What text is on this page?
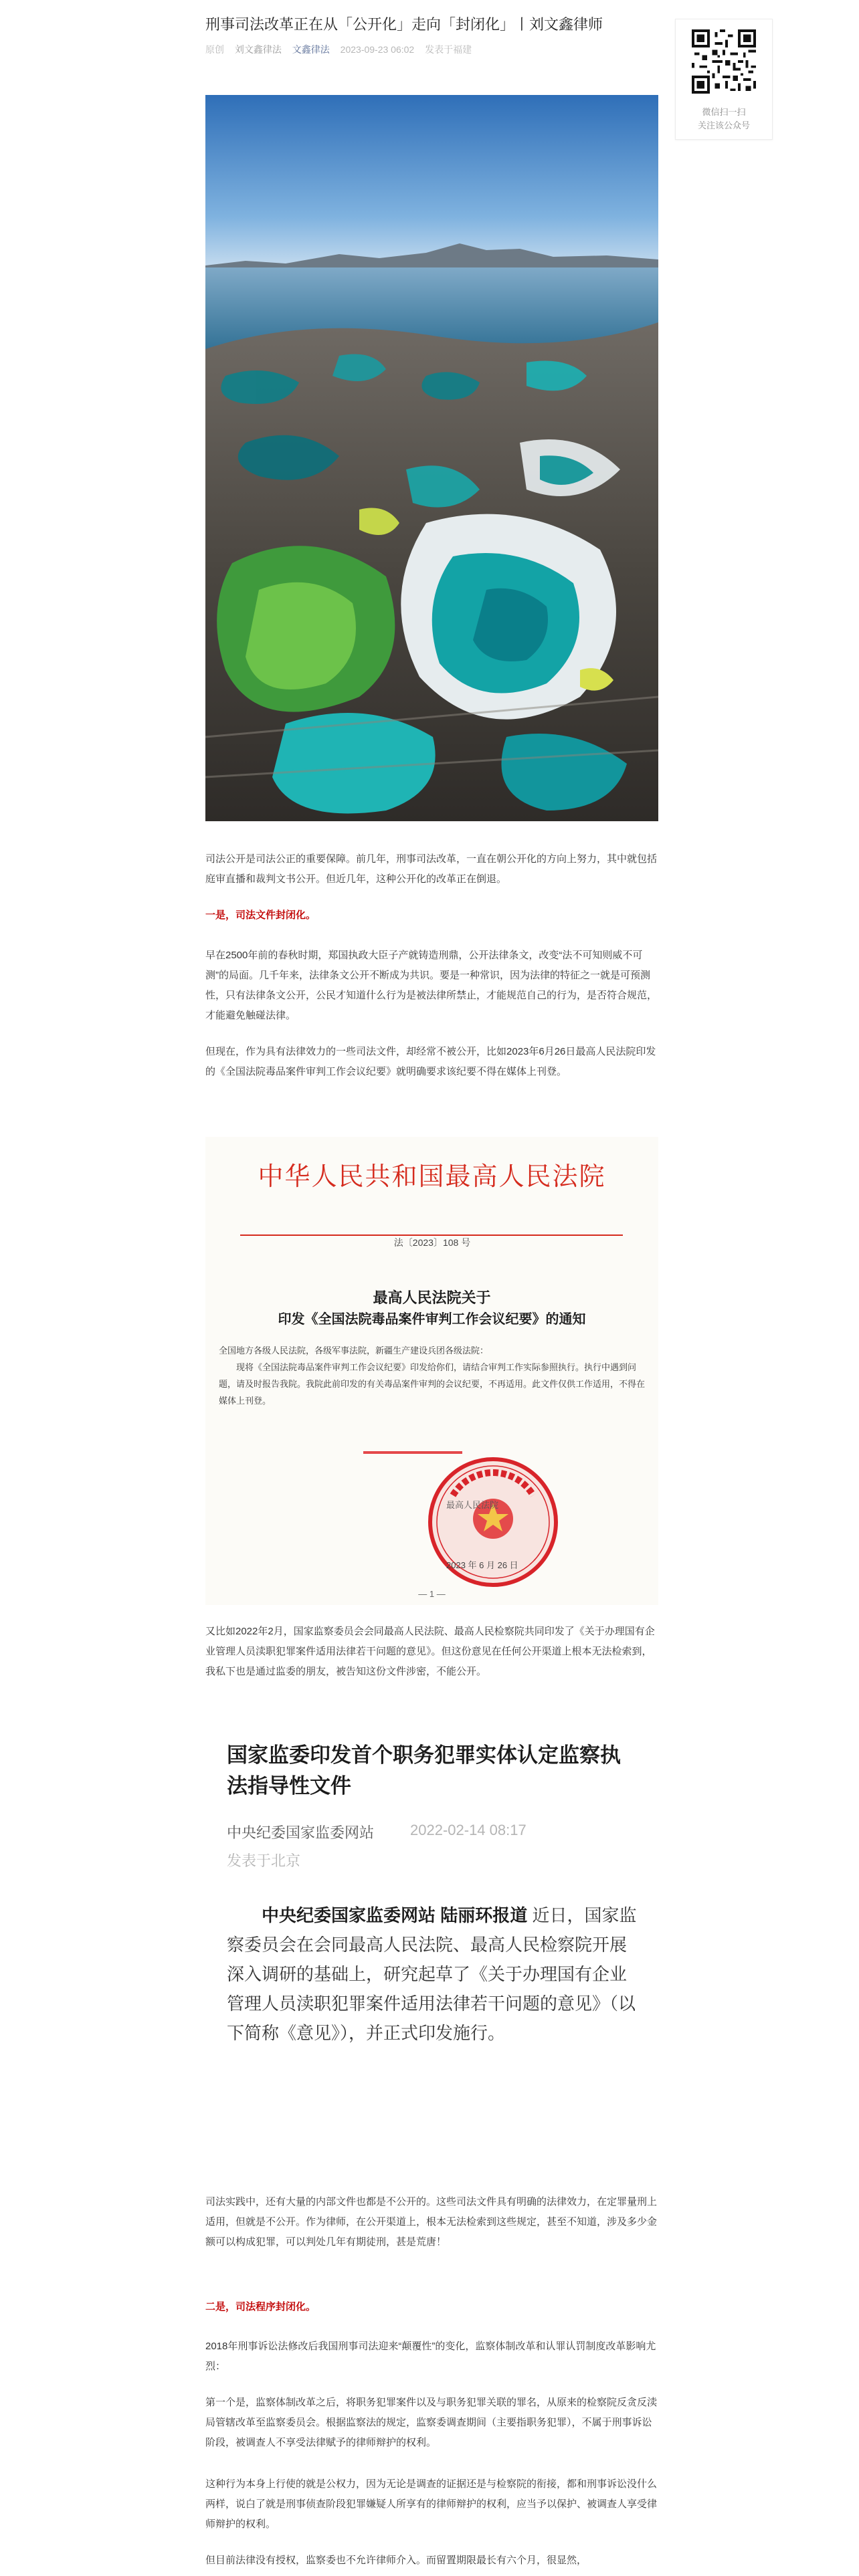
刑事司法改革正在从「公开化」走向「封闭化」丨刘文鑫律师
原创 刘文鑫律法 文鑫律法 2023-09-23 06:02 发表于福建
微信扫一扫
关注该公众号

司法公开是司法公正的重要保障。前几年，刑事司法改革，一直在朝公开化的方向上努力，其中就包括庭审直播和裁判文书公开。但近几年，这种公开化的改革正在倒退。

一是，司法文件封闭化。

早在2500年前的春秋时期，郑国执政大臣子产就铸造刑鼎，公开法律条文，改变“法不可知则威不可测”的局面。几千年来，法律条文公开不断成为共识。要是一种常识，因为法律的特征之一就是可预测性，只有法律条文公开，公民才知道什么行为是被法律所禁止，才能规范自己的行为，是否符合规范，才能避免触碰法律。

但现在，作为具有法律效力的一些司法文件，却经常不被公开，比如2023年6月26日最高人民法院印发的《全国法院毒品案件审判工作会议纪要》就明确要求该纪要不得在媒体上刊登。

中华人民共和国最高人民法院
法〔2023〕108 号
最高人民法院关于
印发《全国法院毒品案件审判工作会议纪要》的通知

全国地方各级人民法院，各级军事法院，新疆生产建设兵团各级法院：

现将《全国法院毒品案件审判工作会议纪要》印发给你们，请结合审判工作实际参照执行。执行中遇到问题，请及时报告我院。我院此前印发的有关毒品案件审判的会议纪要，不再适用。此文件仅供工作适用，不得在媒体上刊登。

最高人民法院
2023 年 6 月 26 日
— 1 —

又比如2022年2月，国家监察委员会会同最高人民法院、最高人民检察院共同印发了《关于办理国有企业管理人员渎职犯罪案件适用法律若干问题的意见》。但这份意见在任何公开渠道上根本无法检索到，我私下也是通过监委的朋友，被告知这份文件涉密，不能公开。

国家监委印发首个职务犯罪实体认定监察执法指导性文件
中央纪委国家监委网站 2022-02-14 08:17
发表于北京
中央纪委国家监委网站 陆丽环报道 近日，国家监察委员会在会同最高人民法院、最高人民检察院开展深入调研的基础上，研究起草了《关于办理国有企业管理人员渎职犯罪案件适用法律若干问题的意见》（以下简称《意见》），并正式印发施行。

司法实践中，还有大量的内部文件也都是不公开的。这些司法文件具有明确的法律效力，在定罪量刑上适用，但就是不公开。作为律师，在公开渠道上，根本无法检索到这些规定，甚至不知道，涉及多少金额可以构成犯罪，可以判处几年有期徒刑，甚是荒唐！

二是，司法程序封闭化。

2018年刑事诉讼法修改后我国刑事司法迎来“颠覆性”的变化，监察体制改革和认罪认罚制度改革影响尤烈：

第一个是，监察体制改革之后，将职务犯罪案件以及与职务犯罪关联的罪名，从原来的检察院反贪反渎局管辖改革至监察委员会。根据监察法的规定，监察委调查期间（主要指职务犯罪），不属于刑事诉讼阶段，被调查人不享受法律赋予的律师辩护的权利。

这种行为本身上行使的就是公权力，因为无论是调查的证据还是与检察院的衔接，都和刑事诉讼没什么两样，说白了就是刑事侦查阶段犯罪嫌疑人所享有的律师辩护的权利，应当予以保护、被调查人享受律师辩护的权利。

但目前法律没有授权，监察委也不允许律师介入。而留置期限最长有六个月，很显然，
